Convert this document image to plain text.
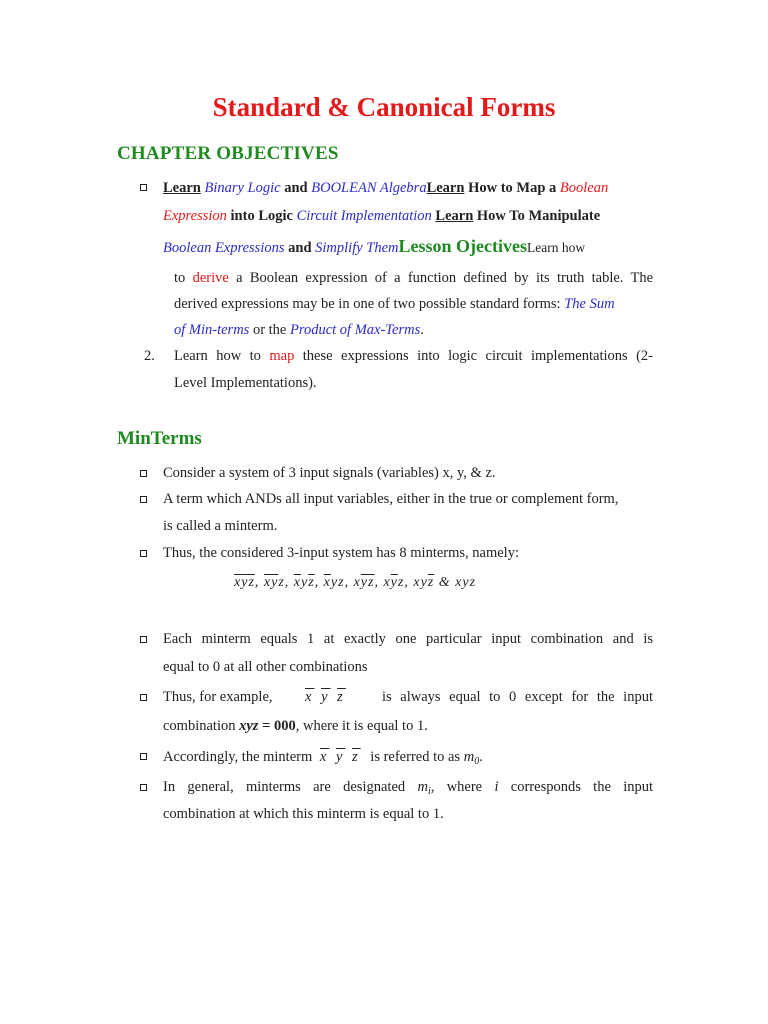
Standard & Canonical Forms
CHAPTER OBJECTIVES
Learn Binary Logic and BOOLEAN AlgebraLearn How to Map a Boolean
Expression into Logic Circuit Implementation Learn How To Manipulate
Boolean Expressions and Simplify ThemLesson OjectivesLearn how
to derive a Boolean expression of a function defined by its truth table. The
derived expressions may be in one of two possible standard forms: The Sum
of Min-terms or the Product of Max-Terms.
2. Learn how to map these expressions into logic circuit implementations (2-
Level Implementations).
MinTerms
Consider a system of 3 input signals (variables) x, y, & z.
A term which ANDs all input variables, either in the true or complement form,
is called a minterm.
Thus, the considered 3-input system has 8 minterms, namely:
$\overline{x}\overline{y}\overline{z}$, $\overline{x}\overline{y}z$, $\overline{x}y\overline{z}$, $\overline{x}yz$, $x\overline{y}\overline{z}$, $x\overline{y}z$, $xy\overline{z}$ & xyz
Each minterm equals 1 at exactly one particular input combination and is
equal to 0 at all other combinations
Thus, for example, $\overline{x}$ $\overline{y}$ $\overline{z}$ is always equal to 0 except for the input
combination xyz = 000, where it is equal to 1.
Accordingly, the minterm $\overline{x}$ $\overline{y}$ $\overline{z}$ is referred to as $m_0$.
In general, minterms are designated $m_i$, where i corresponds the input
combination at which this minterm is equal to 1.
